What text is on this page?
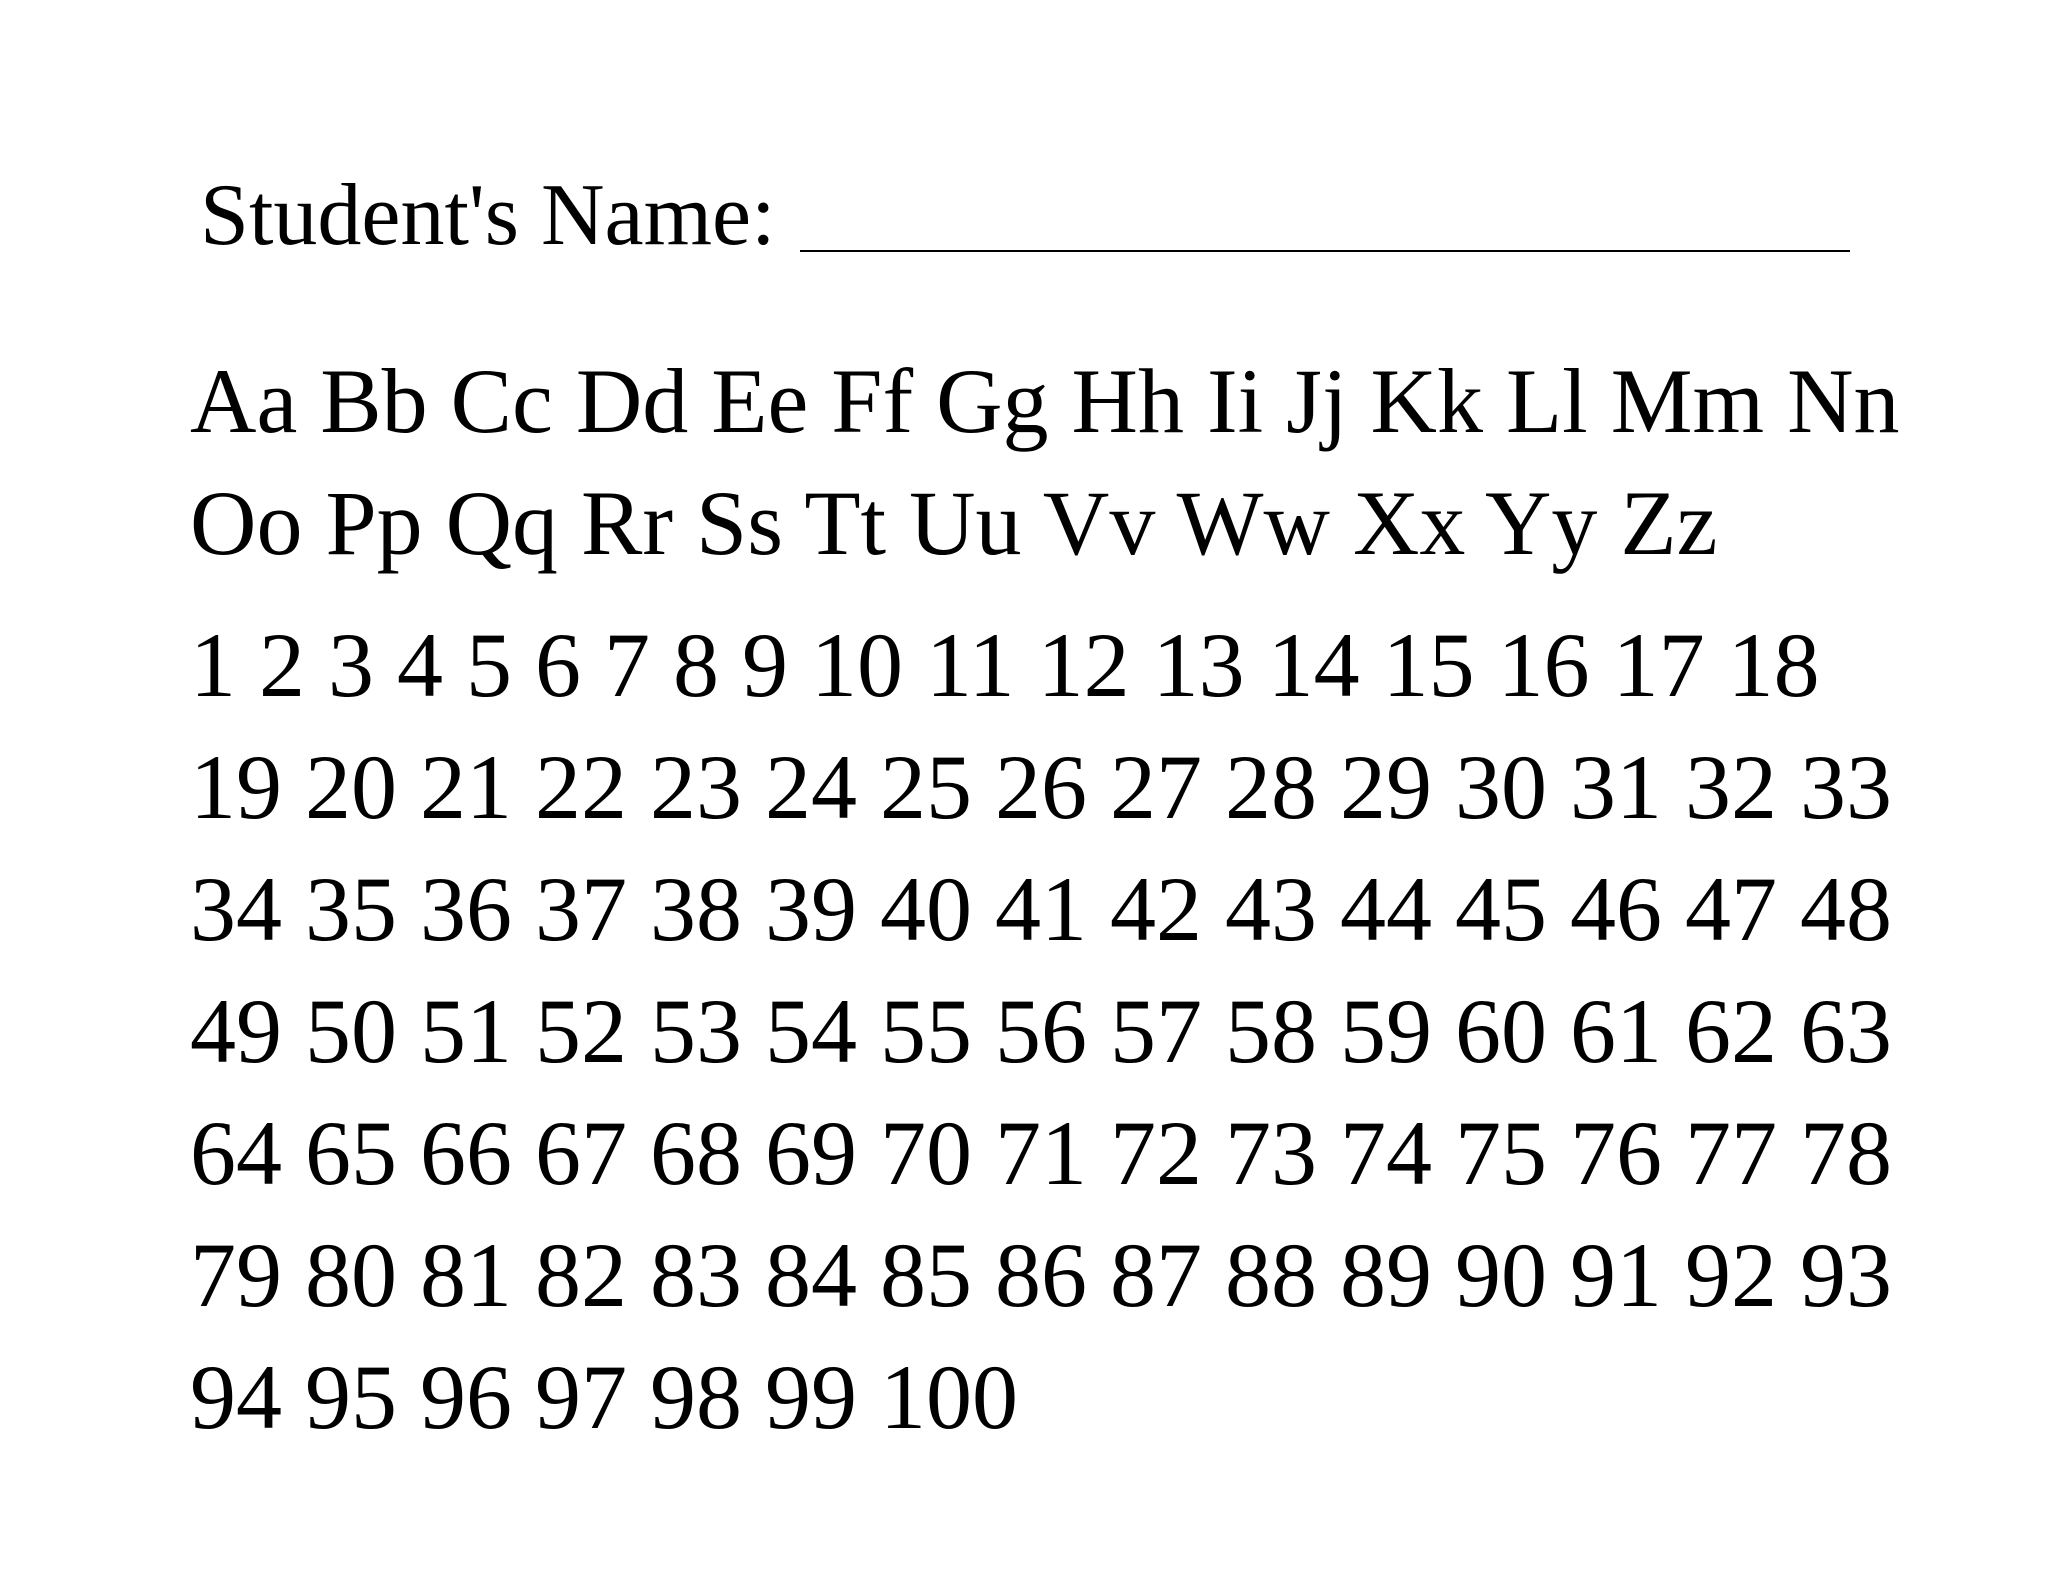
Student's Name:

Aa Bb Cc Dd Ee Ff Gg Hh Ii Jj Kk Ll Mm Nn

Oo Pp Qq Rr Ss Tt Uu Vv Ww Xx Yy Zz

1 2 3 4 5 6 7 8 9 10 11 12 13 14 15 16 17 18

19 20 21 22 23 24 25 26 27 28 29 30 31 32 33

34 35 36 37 38 39 40 41 42 43 44 45 46 47 48

49 50 51 52 53 54 55 56 57 58 59 60 61 62 63

64 65 66 67 68 69 70 71 72 73 74 75 76 77 78

79 80 81 82 83 84 85 86 87 88 89 90 91 92 93

94 95 96 97 98 99 100
